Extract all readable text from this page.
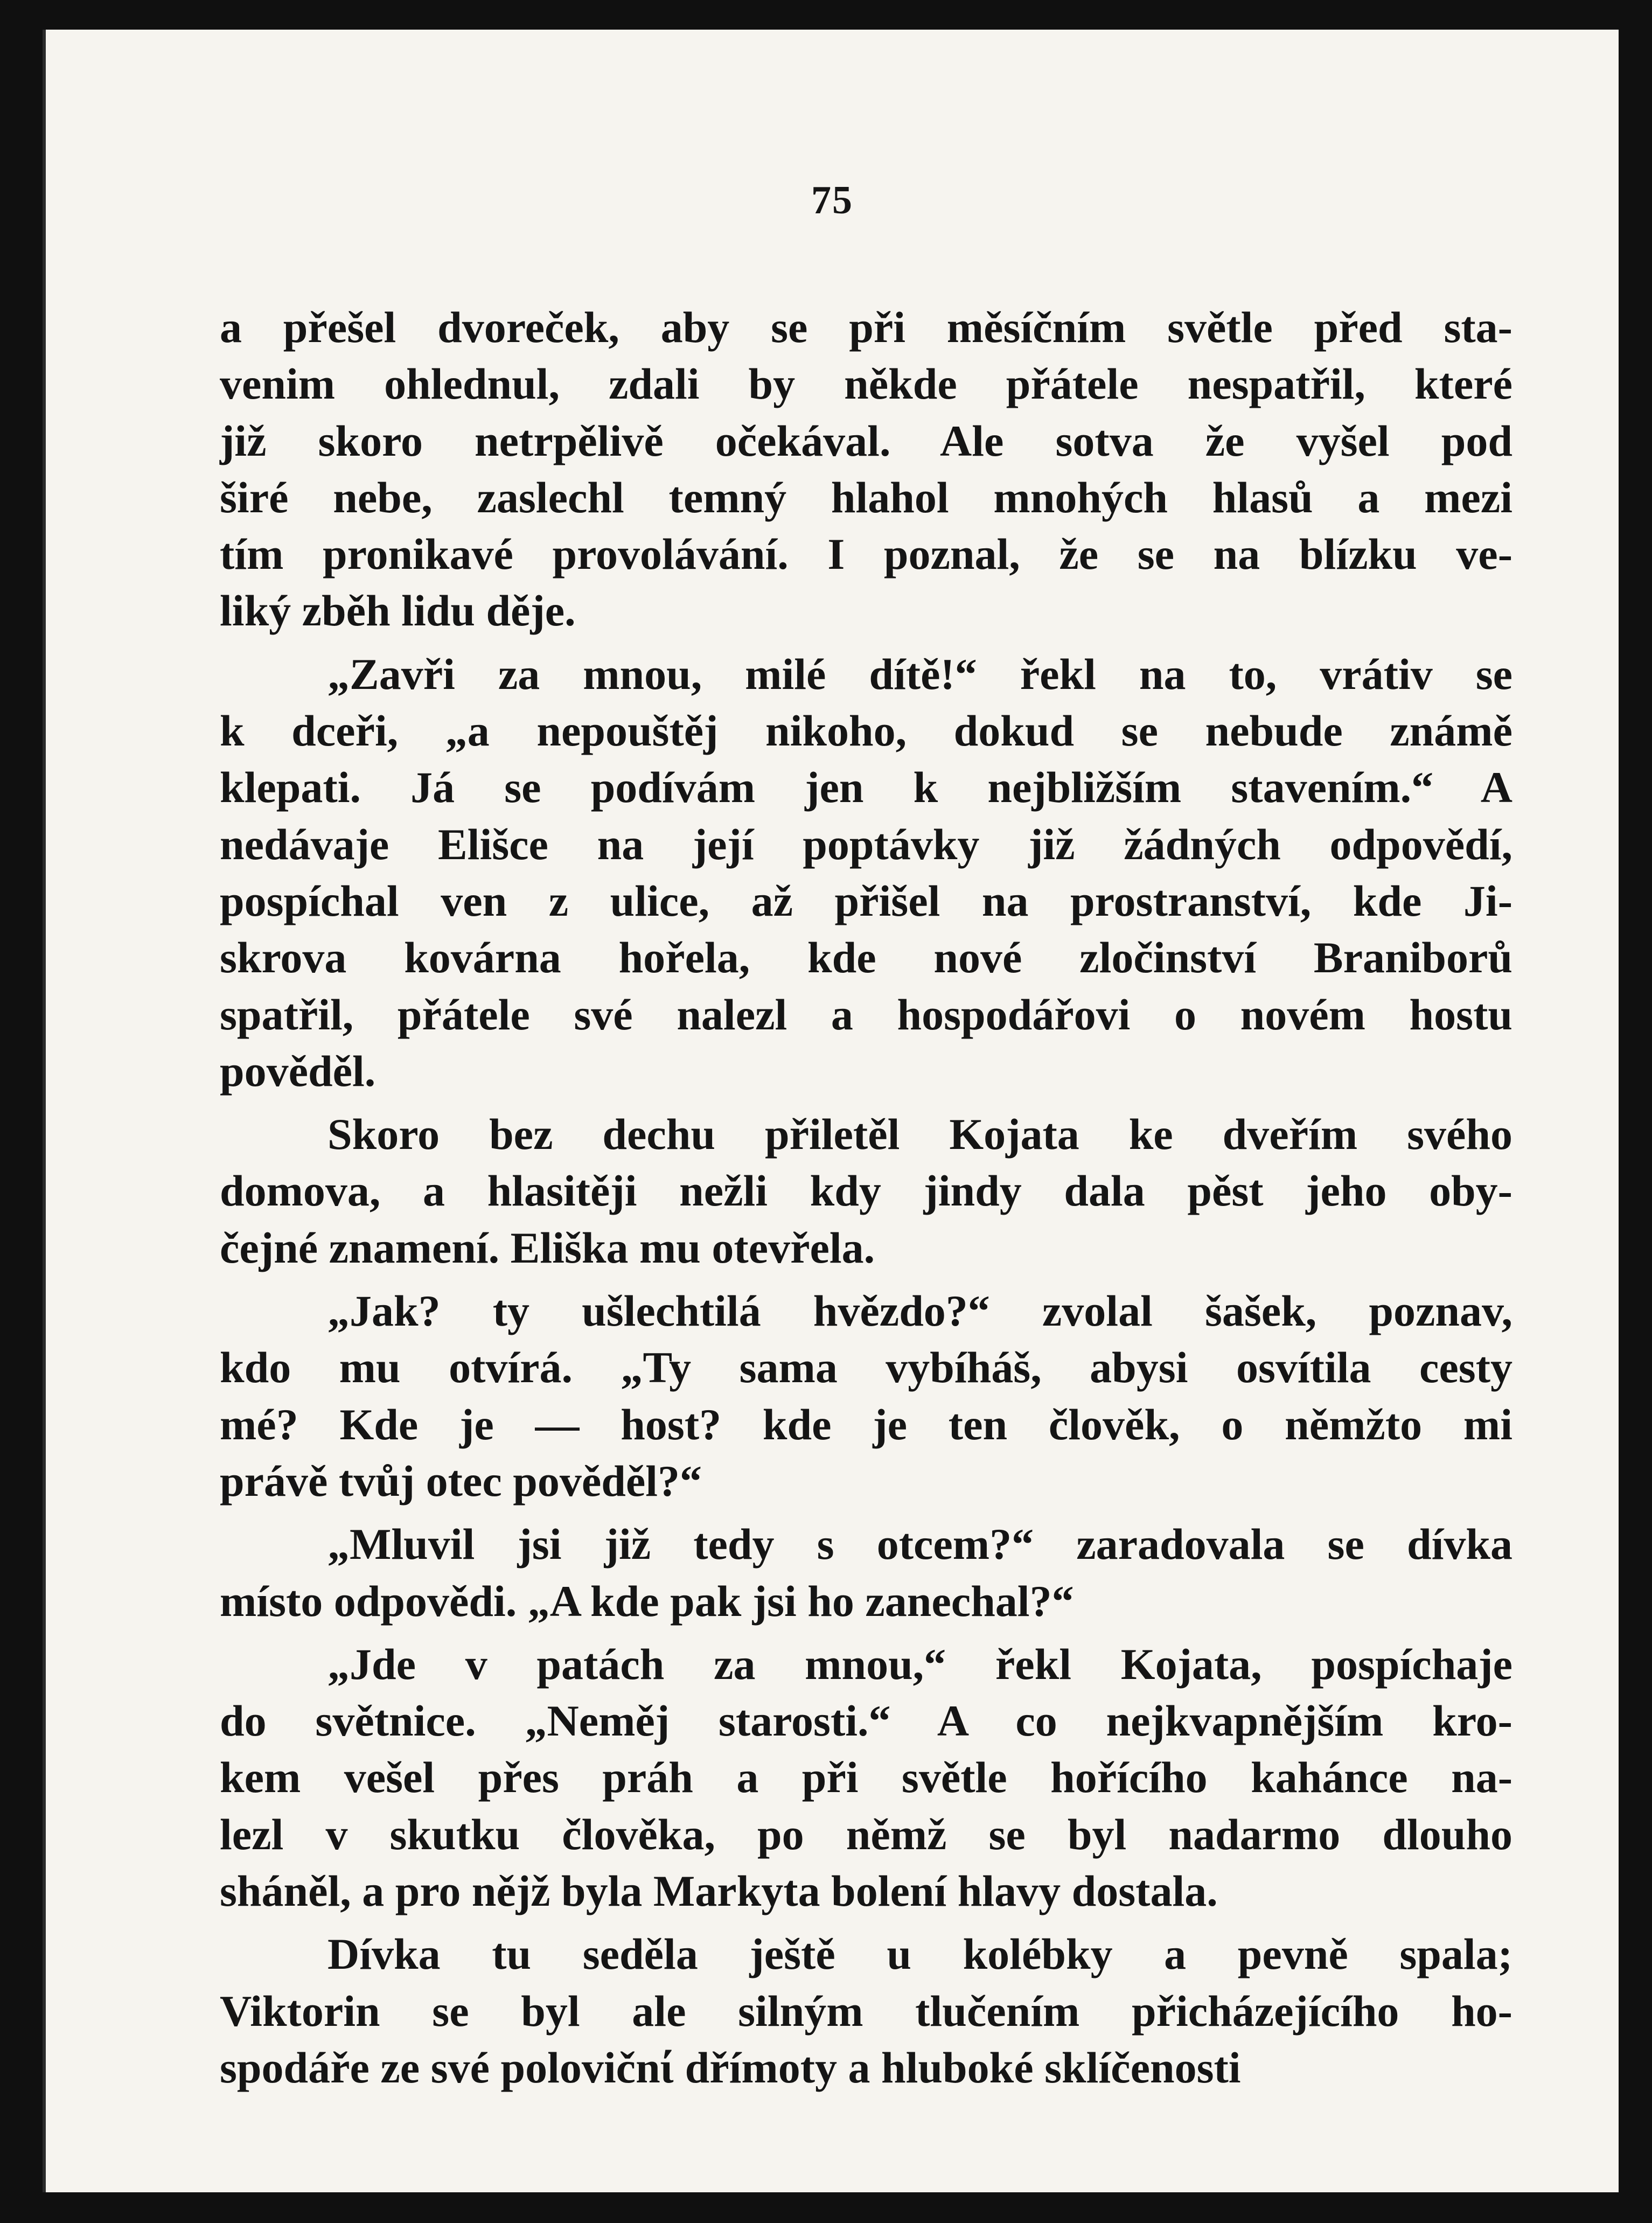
75
a přešel dvoreček, aby se při měsíčním světle před sta-
venim ohlednul, zdali by někde přátele nespatřil, které
již skoro netrpělivě očekával. Ale sotva že vyšel pod
širé nebe, zaslechl temný hlahol mnohých hlasů a mezi
tím pronikavé provolávání. I poznal, že se na blízku ve-
liký zběh lidu děje.
„Zavři za mnou, milé dítě!“ řekl na to, vrátiv se
k dceři, „a nepouštěj nikoho, dokud se nebude známě
klepati. Já se podívám jen k nejbližším stavením.“ A
nedávaje Elišce na její poptávky již žádných odpovědí,
pospíchal ven z ulice, až přišel na prostranství, kde Ji-
skrova kovárna hořela, kde nové zločinství Braniborů
spatřil, přátele své nalezl a hospodářovi o novém hostu
pověděl.
Skoro bez dechu přiletěl Kojata ke dveřím svého
domova, a hlasitěji nežli kdy jindy dala pěst jeho oby-
čejné znamení. Eliška mu otevřela.
„Jak? ty ušlechtilá hvězdo?“ zvolal šašek, poznav,
kdo mu otvírá. „Ty sama vybíháš, abysi osvítila cesty
mé? Kde je — host? kde je ten člověk, o němžto mi
právě tvůj otec pověděl?“
„Mluvil jsi již tedy s otcem?“ zaradovala se dívka
místo odpovědi. „A kde pak jsi ho zanechal?“
„Jde v patách za mnou,“ řekl Kojata, pospíchaje
do světnice. „Neměj starosti.“ A co nejkvapnějším kro-
kem vešel přes práh a při světle hořícího kahánce na-
lezl v skutku člověka, po němž se byl nadarmo dlouho
sháněl, a pro nějž byla Markyta bolení hlavy dostala.
Dívka tu seděla ještě u kolébky a pevně spala;
Viktorin se byl ale silným tlučením přicházejícího ho-
spodáře ze své polovičnί dřímoty a hluboké sklíčenosti
